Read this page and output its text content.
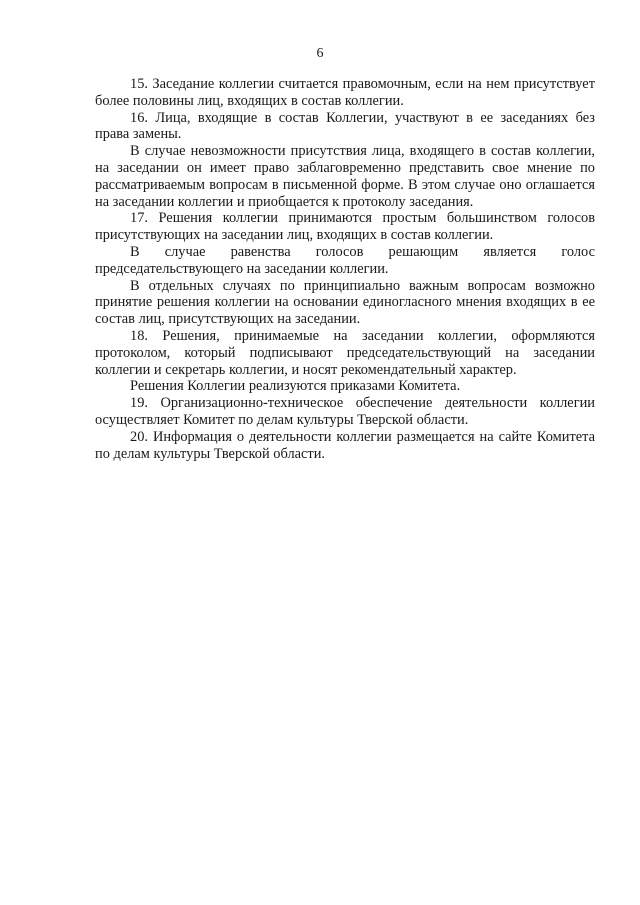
6

15. Заседание коллегии считается правомочным, если на нем присутствует более половины лиц, входящих в состав коллегии.

16. Лица, входящие в состав Коллегии, участвуют в ее заседаниях без права замены.

В случае невозможности присутствия лица, входящего в состав коллегии, на заседании он имеет право заблаговременно представить свое мнение по рассматриваемым вопросам в письменной форме. В этом случае оно оглашается на заседании коллегии и приобщается к протоколу заседания.

17. Решения коллегии принимаются простым большинством голосов присутствующих на заседании лиц, входящих в состав коллегии.

В случае равенства голосов решающим является голос председательствующего на заседании коллегии.

В отдельных случаях по принципиально важным вопросам возможно принятие решения коллегии на основании единогласного мнения входящих в ее состав лиц, присутствующих на заседании.

18. Решения, принимаемые на заседании коллегии, оформляются протоколом, который подписывают председательствующий на заседании коллегии и секретарь коллегии, и носят рекомендательный характер.

Решения Коллегии реализуются приказами Комитета.

19. Организационно-техническое обеспечение деятельности коллегии осуществляет Комитет по делам культуры Тверской области.

20. Информация о деятельности коллегии размещается на сайте Комитета по делам культуры Тверской области.
